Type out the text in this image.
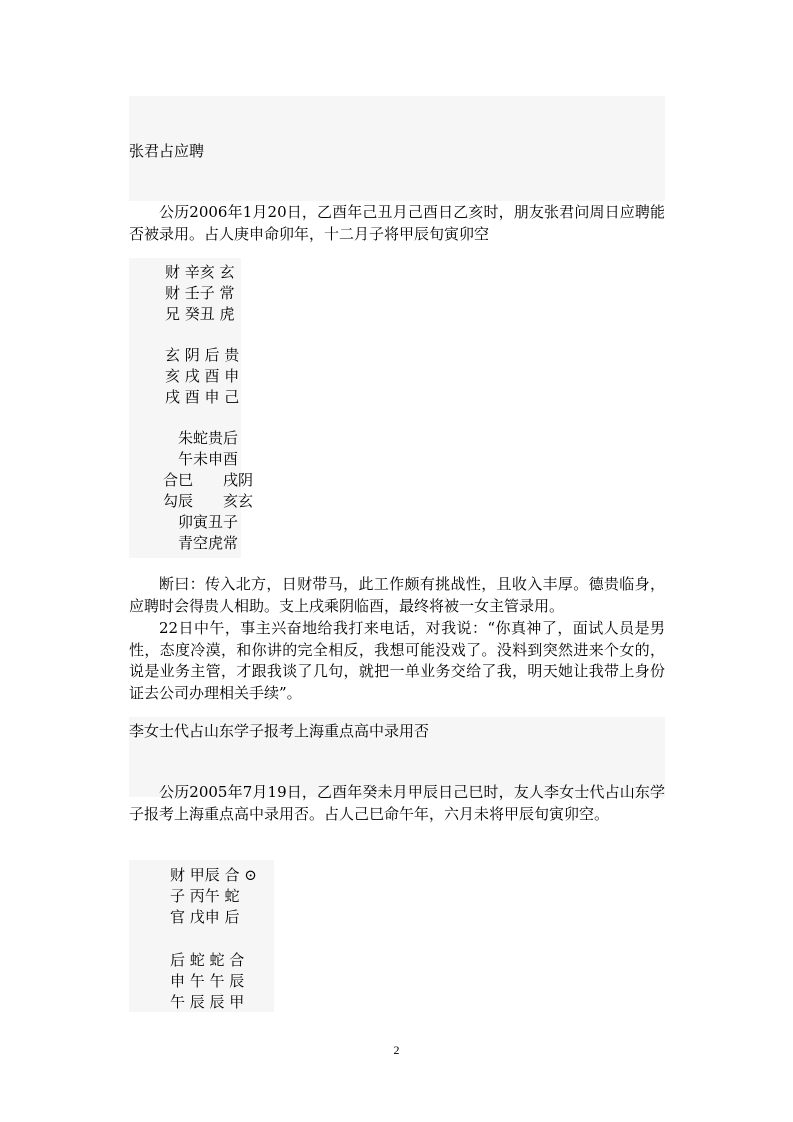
张君占应聘

公历2006年1月20日，乙酉年己丑月己酉日乙亥时，朋友张君问周日应聘能否被录用。占人庚申命卯年，十二月子将甲辰旬寅卯空

财 辛亥 玄
财 壬子 常
兄 癸丑 虎
玄 阴 后 贵
亥 戌 酉 申
戌 酉 申 己
朱蛇贵后
午未申酉
合巳　　戌阴
勾辰　　亥玄
卯寅丑子
青空虎常

断曰：传入北方，日财带马，此工作颇有挑战性，且收入丰厚。德贵临身，应聘时会得贵人相助。支上戌乘阴临酉，最终将被一女主管录用。

22日中午，事主兴奋地给我打来电话，对我说：“你真神了，面试人员是男性，态度冷漠，和你讲的完全相反，我想可能没戏了。没料到突然进来个女的，说是业务主管，才跟我谈了几句，就把一单业务交给了我，明天她让我带上身份证去公司办理相关手续”。

李女士代占山东学子报考上海重点高中录用否

公历2005年7月19日，乙酉年癸未月甲辰日己巳时，友人李女士代占山东学子报考上海重点高中录用否。占人己巳命午年，六月未将甲辰旬寅卯空。

财 甲辰 合 ⊙
子 丙午 蛇
官 戊申 后
后 蛇 蛇 合
申 午 午 辰
午 辰 辰 甲
2
